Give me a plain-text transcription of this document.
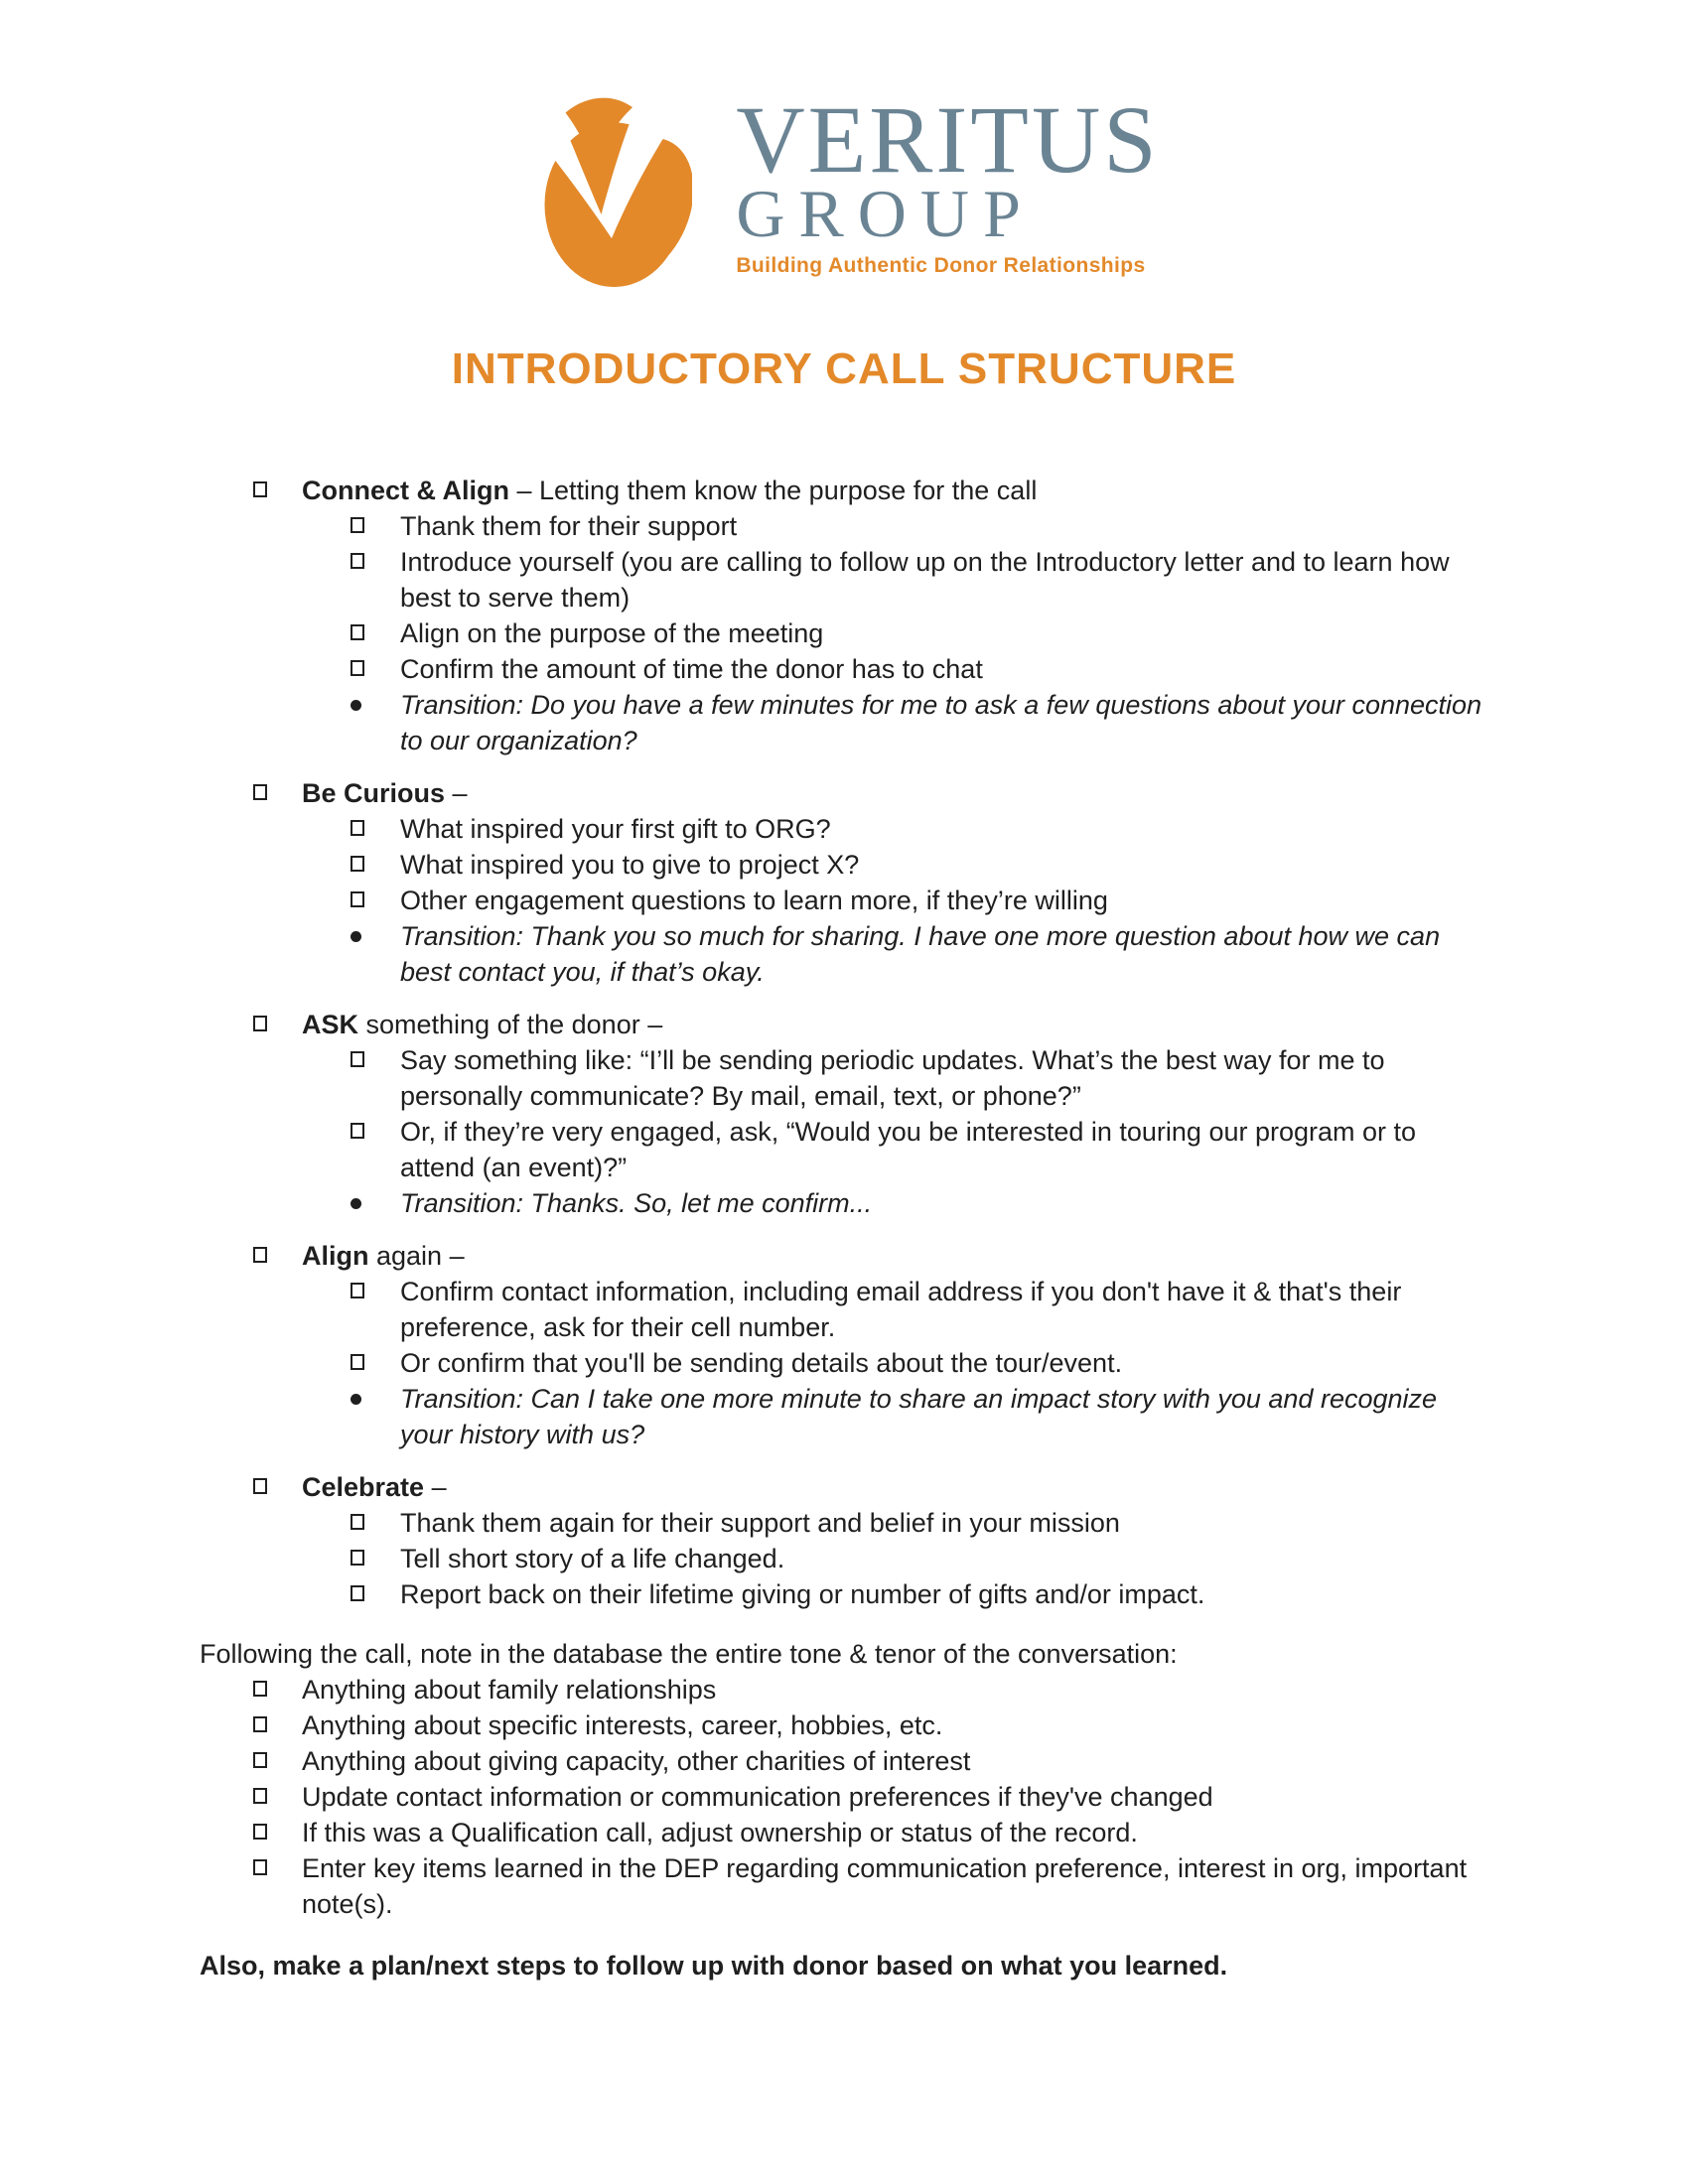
VERITUS
GROUP
Building Authentic Donor Relationships
INTRODUCTORY CALL STRUCTURE
Connect & Align – Letting them know the purpose for the call
Thank them for their support
Introduce yourself (you are calling to follow up on the Introductory letter and to learn how best to serve them)
Align on the purpose of the meeting
Confirm the amount of time the donor has to chat
Transition: Do you have a few minutes for me to ask a few questions about your connection to our organization?
Be Curious –
What inspired your first gift to ORG?
What inspired you to give to project X?
Other engagement questions to learn more, if they’re willing
Transition: Thank you so much for sharing. I have one more question about how we can best contact you, if that’s okay.
ASK something of the donor –
Say something like: “I’ll be sending periodic updates. What’s the best way for me to personally communicate? By mail, email, text, or phone?”
Or, if they’re very engaged, ask, “Would you be interested in touring our program or to attend (an event)?”
Transition: Thanks. So, let me confirm...
Align again –
Confirm contact information, including email address if you don't have it & that's their preference, ask for their cell number.
Or confirm that you'll be sending details about the tour/event.
Transition: Can I take one more minute to share an impact story with you and recognize your history with us?
Celebrate –
Thank them again for their support and belief in your mission
Tell short story of a life changed.
Report back on their lifetime giving or number of gifts and/or impact.

Following the call, note in the database the entire tone & tenor of the conversation:

Anything about family relationships
Anything about specific interests, career, hobbies, etc.
Anything about giving capacity, other charities of interest
Update contact information or communication preferences if they've changed
If this was a Qualification call, adjust ownership or status of the record.
Enter key items learned in the DEP regarding communication preference, interest in org, important note(s).

Also, make a plan/next steps to follow up with donor based on what you learned.
